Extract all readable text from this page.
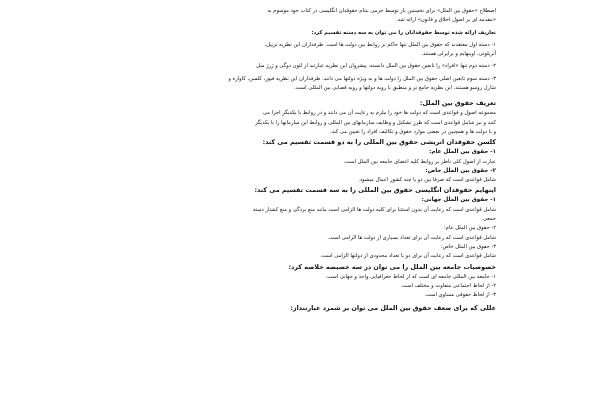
اصطلاح «حقوق بین الملل» برای نخستین بار توسط جرمی بنتام حقوقدان انگلیسی در کتاب خود موسوم به

«مقدمه ای بر اصول اخلاق و قانون» ارائه شد.

تعاریف ارائه شده توسط حقوقدانان را می توان به سه دسته تقسیم کرد:

۱- دسته اول معتقدند که حقوق بین الملل تنها حاکم بر روابط بین دولت ها است. طرفداران این نظریه تریپل،

آنزیلوتی، اوپنهایم و برایرلی هستند.

۲- دسته دوم تنها «افراد» را تابعین حقوق بین الملل دانسته، پیشروان این نظریه عبارتند از لئون دوگی و ژرژ سل

۳- دسته سوم تابعین اصلی حقوق بین الملل را دولت ها و به ویژه دولتها می دانند. طرفداران این نظریه فیور، کلسن، کاواره و

شارل روسو هستند. این نظریه جامع تر و منطبق با رویه دولتها و رویه قضایی بین المللی است.

تعریف حقوق بین الملل:

مجموعه اصول و قواعدی است که دولت ها خود را ملزم به رعایت آن می دانند و در روابط با یکدیگر اجرا می

کنند و نیز شامل قواعدی است که طرز تشکیل و وظایف سازمانهای بین المللی و روابط این سازمانها را با یکدیگر

و با دولت ها و همچنین در بعضی موارد حقوق و تکالیف افراد را تعیین می کند.

کلسن حقوقدان اتریشی حقوق بین المللی را به دو قسمت تقسیم می کند:

۱- حقوق بین الملل عام:

عبارت از اصول کلی ناظر بر روابط کلیه اعضای جامعه بین الملل است.

۲- حقوق بین الملل خاص:

شامل قواعدی است که صرفا بین دو یا چند کشور اعمال میشود.

اپنهایم حقوقدان انگلیسی حقوق بین المللی را به سه قسمت تقسیم می کند:

۱- حقوق بین الملل جهانی:

شامل قواعدی است که رعایت آن بدون استثنا برای کلیه دولت ها الزامی است مانند منع بردگی و منع کشتار دسته

جمعی

۲- حقوق بین الملل عام:

شامل قواعدی است که رعایت آن برای تعداد بسیاری از دولت ها الزامی است.

۳- حقوق بین الملل خاص:

شامل قواعدی است که رعایت آن برای دو یا تعداد محدودی از دولتها الزامی است.

خصوصیات جامعه بین الملل را می توان در سه خصیصه خلاصه کرد:

۱- جامعه بین المللی جامعه ای است که از لحاظ جغرافیایی واحد و جهانی است.

۲- از لحاظ اجتماعی متفاوت و مختلف است.

۳- از لحاظ حقوقی مساوی است.

عللی که برای ضعف حقوق بین الملل می توان بر شمرد عبارتنداز:
